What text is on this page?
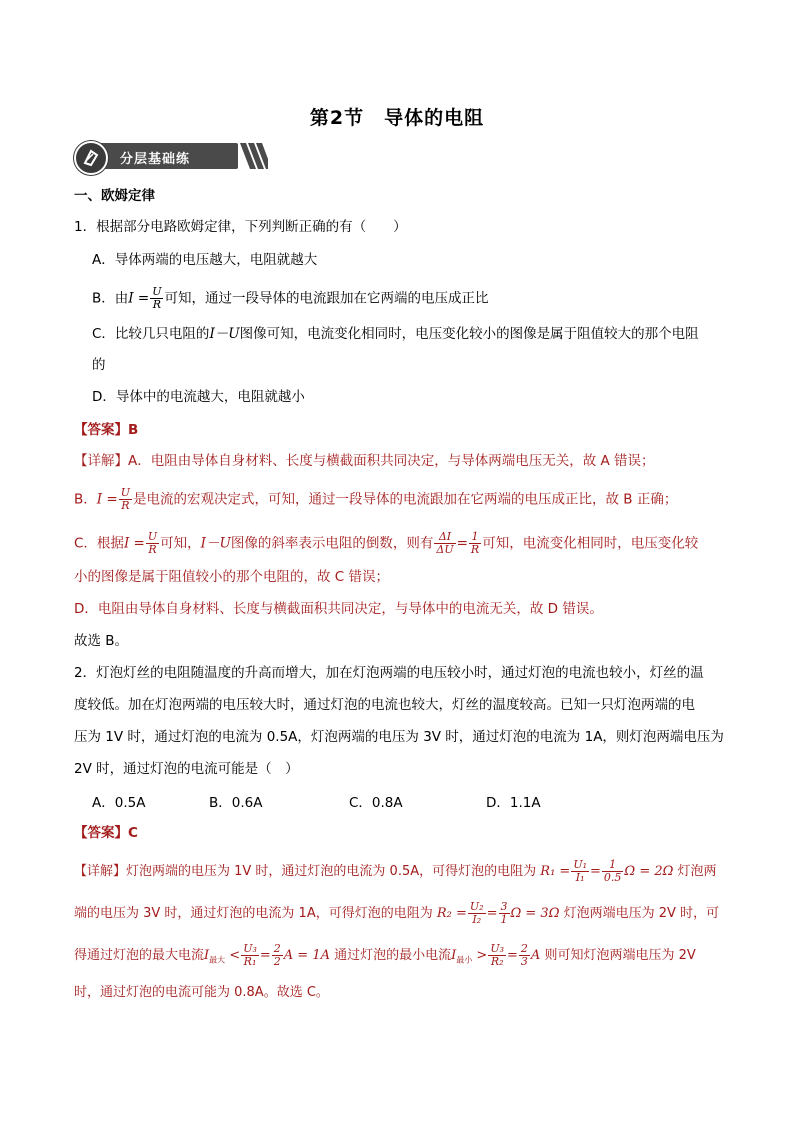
第2节　导体的电阻
分层基础练
一、欧姆定律
1．根据部分电路欧姆定律，下列判断正确的有（　　）
A．导体两端的电压越大，电阻就越大
B．由$I = \frac{U}{R}$ 可知，通过一段导体的电流跟加在它两端的电压成正比
C．比较几只电阻的I－U图像可知，电流变化相同时，电压变化较小的图像是属于阻值较大的那个电阻
的
D．导体中的电流越大，电阻就越小
【答案】B
【详解】A．电阻由导体自身材料、长度与横截面积共同决定，与导体两端电压无关，故 A 错误；
B．$I = \frac{U}{R}$ 是电流的宏观决定式，可知，通过一段导体的电流跟加在它两端的电压成正比，故 B 正确；
C．根据$I = \frac{U}{R}$ 可知，I－U图像的斜率表示电阻的倒数，则有 $\frac{\Delta I}{\Delta U} = \frac{1}{R}$ 可知，电流变化相同时，电压变化较
小的图像是属于阻值较小的那个电阻的，故 C 错误；
D．电阻由导体自身材料、长度与横截面积共同决定，与导体中的电流无关，故 D 错误。
故选 B。
2．灯泡灯丝的电阻随温度的升高而增大，加在灯泡两端的电压较小时，通过灯泡的电流也较小，灯丝的温
度较低。加在灯泡两端的电压较大时，通过灯泡的电流也较大，灯丝的温度较高。已知一只灯泡两端的电
压为 1V 时，通过灯泡的电流为 0.5A，灯泡两端的电压为 3V 时，通过灯泡的电流为 1A，则灯泡两端电压为
2V 时，通过灯泡的电流可能是（　）
A．0.5A	B．0.6A	C．0.8A	D．1.1A
【答案】C
【详解】灯泡两端的电压为 1V 时，通过灯泡的电流为 0.5A，可得灯泡的电阻为 $R_1 = \frac{\text{U₁}}{\text{I₁}} = \frac{1}{0.5}$ Ω = 2Ω 灯泡两
端的电压为 3V 时，通过灯泡的电流为 1A，可得灯泡的电阻为 $R_2 = \frac{\text{U₂}}{\text{I₂}} = \frac{3}{1}$ Ω = 3Ω 灯泡两端电压为 2V 时，可
得通过灯泡的最大电流$I_{最大} < \frac{\text{U₃}}{\text{R₁}} = \frac{2}{2}$ A = 1A 通过灯泡的最小电流$I_{最小} > \frac{\text{U₃}}{\text{R₂}} = \frac{2}{3}$ A 则可知灯泡两端电压为 2V
时，通过灯泡的电流可能为 0.8A。故选 C。
